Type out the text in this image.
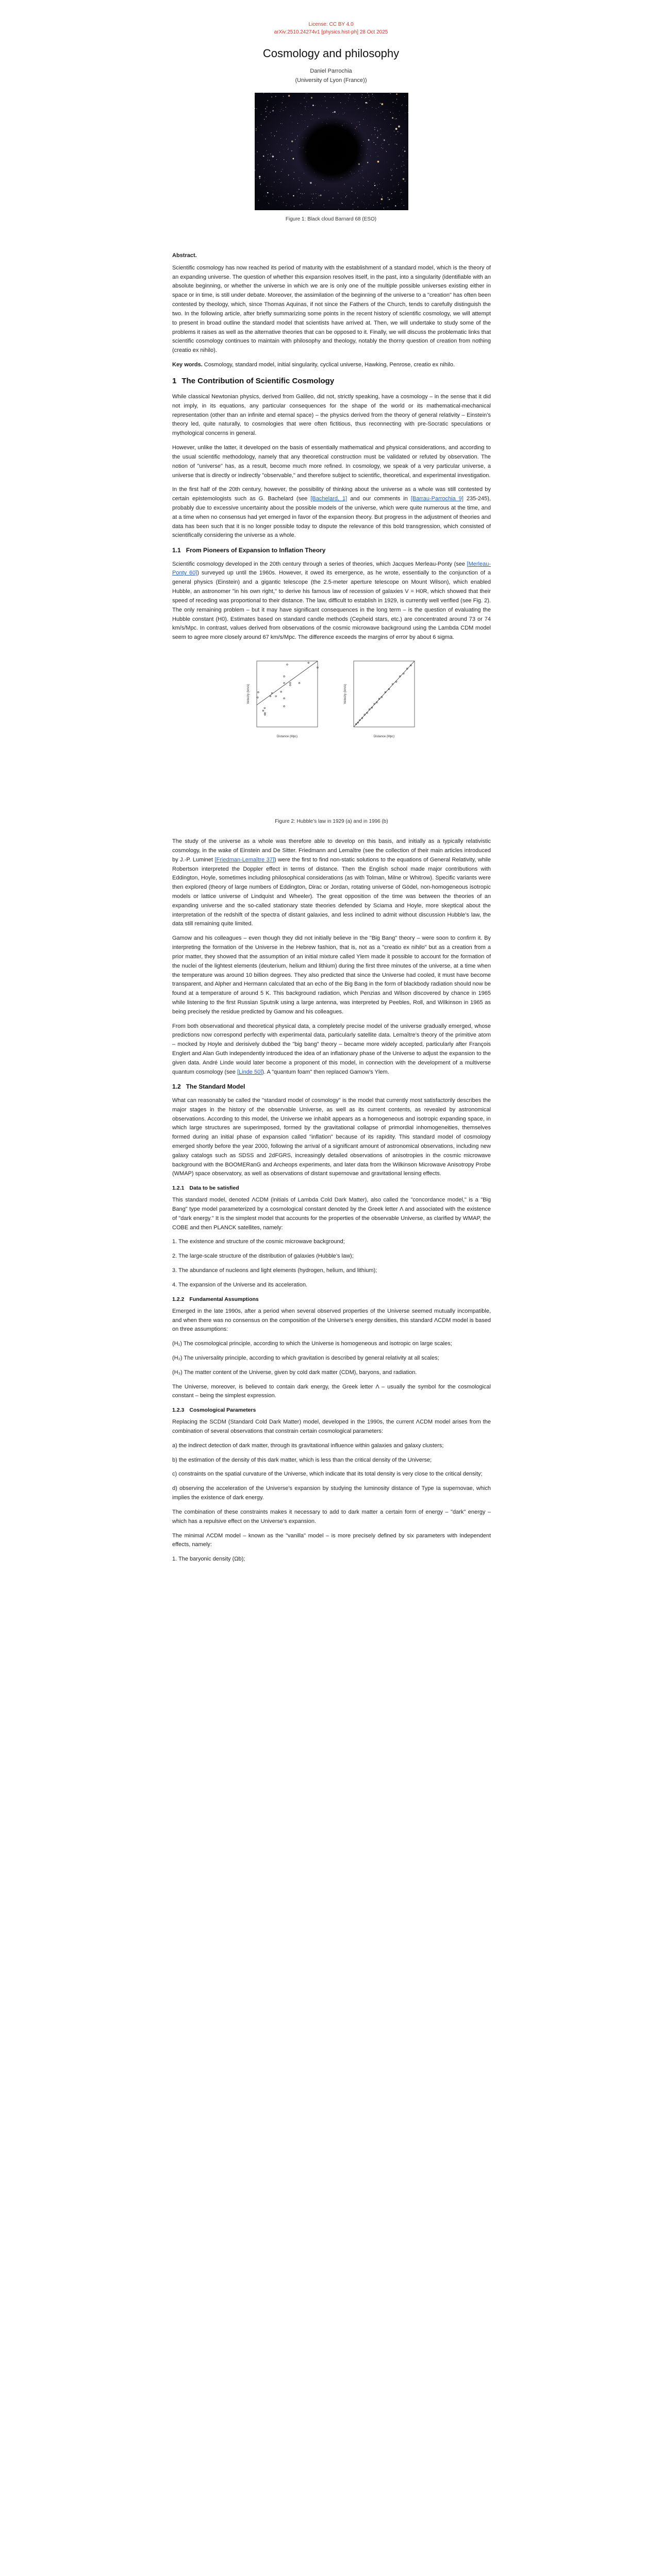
License: CC BY 4.0
arXiv:2510.24274v1 [physics.hist-ph] 28 Oct 2025
Cosmology and philosophy
Daniel Parrochia
(University of Lyon (France))
Figure 1: Black cloud Barnard 68 (ESO)

Abstract.

Scientific cosmology has now reached its period of maturity with the establishment of a standard model, which is the theory of an expanding universe. The question of whether this expansion resolves itself, in the past, into a singularity (identifiable with an absolute beginning, or whether the universe in which we are is only one of the multiple possible universes existing either in space or in time, is still under debate. Moreover, the assimilation of the beginning of the universe to a "creation" has often been contested by theology, which, since Thomas Aquinas, if not since the Fathers of the Church, tends to carefully distinguish the two. In the following article, after briefly summarizing some points in the recent history of scientific cosmology, we will attempt to present in broad outline the standard model that scientists have arrived at. Then, we will undertake to study some of the problems it raises as well as the alternative theories that can be opposed to it. Finally, we will discuss the problematic links that scientific cosmology continues to maintain with philosophy and theology, notably the thorny question of creation from nothing (creatio ex nihilo).

Key words. Cosmology, standard model, initial singularity, cyclical universe, Hawking, Penrose, creatio ex nihilo.

1 The Contribution of Scientific Cosmology

While classical Newtonian physics, derived from Galileo, did not, strictly speaking, have a cosmology – in the sense that it did not imply, in its equations, any particular consequences for the shape of the world or its mathematical-mechanical representation (other than an infinite and eternal space) – the physics derived from the theory of general relativity – Einstein’s theory led, quite naturally, to cosmologies that were often fictitious, thus reconnecting with pre-Socratic speculations or mythological concerns in general.

However, unlike the latter, it developed on the basis of essentially mathematical and physical considerations, and according to the usual scientific methodology, namely that any theoretical construction must be validated or refuted by observation. The notion of "universe" has, as a result, become much more refined. In cosmology, we speak of a very particular universe, a universe that is directly or indirectly "observable," and therefore subject to scientific, theoretical, and experimental investigation.

In the first half of the 20th century, however, the possibility of thinking about the universe as a whole was still contested by certain epistemologists such as G. Bachelard (see [Bachelard, 1] and our comments in [Barrau-Parrochia 9] 235-245), probably due to excessive uncertainty about the possible models of the universe, which were quite numerous at the time, and at a time when no consensus had yet emerged in favor of the expansion theory. But progress in the adjustment of theories and data has been such that it is no longer possible today to dispute the relevance of this bold transgression, which consisted of scientifically considering the universe as a whole.

1.1 From Pioneers of Expansion to Inflation Theory

Scientific cosmology developed in the 20th century through a series of theories, which Jacques Merleau-Ponty (see [Merleau-Ponty 60]) surveyed up until the 1960s. However, it owed its emergence, as he wrote, essentially to the conjunction of a general physics (Einstein) and a gigantic telescope (the 2.5-meter aperture telescope on Mount Wilson), which enabled Hubble, an astronomer "in his own right," to derive his famous law of recession of galaxies V = H0R, which showed that their speed of receding was proportional to their distance. The law, difficult to establish in 1929, is currently well verified (see Fig. 2). The only remaining problem – but it may have significant consequences in the long term – is the question of evaluating the Hubble constant (H0). Estimates based on standard candle methods (Cepheid stars, etc.) are concentrated around 73 or 74 km/s/Mpc. In contrast, values derived from observations of the cosmic microwave background using the Lambda CDM model seem to agree more closely around 67 km/s/Mpc. The difference exceeds the margins of error by about 6 sigma.

Distance (Mpc)
Velocity (km/s)
Distance (Mpc)
Velocity (km/s)

Figure 2: Hubble’s law in 1929 (a) and in 1996 (b)

The study of the universe as a whole was therefore able to develop on this basis, and initially as a typically relativistic cosmology, in the wake of Einstein and De Sitter. Friedmann and Lemaître (see the collection of their main articles introduced by J.-P. Luminet [Friedman-Lemaître 37]) were the first to find non-static solutions to the equations of General Relativity, while Robertson interpreted the Doppler effect in terms of distance. Then the English school made major contributions with Eddington, Hoyle, sometimes including philosophical considerations (as with Tolman, Milne or Whitrow). Specific variants were then explored (theory of large numbers of Eddington, Dirac or Jordan, rotating universe of Gödel, non-homogeneous isotropic models or lattice universe of Lindquist and Wheeler). The great opposition of the time was between the theories of an expanding universe and the so-called stationary state theories defended by Sciama and Hoyle, more skeptical about the interpretation of the redshift of the spectra of distant galaxies, and less inclined to admit without discussion Hubble’s law, the data still remaining quite limited.

Gamow and his colleagues – even though they did not initially believe in the "Big Bang" theory – were soon to confirm it. By interpreting the formation of the Universe in the Hebrew fashion, that is, not as a "creatio ex nihilo" but as a creation from a prior matter, they showed that the assumption of an initial mixture called Ylem made it possible to account for the formation of the nuclei of the lightest elements (deuterium, helium and lithium) during the first three minutes of the universe, at a time when the temperature was around 10 billion degrees. They also predicted that since the Universe had cooled, it must have become transparent, and Alpher and Hermann calculated that an echo of the Big Bang in the form of blackbody radiation should now be found at a temperature of around 5 K. This background radiation, which Penzias and Wilson discovered by chance in 1965 while listening to the first Russian Sputnik using a large antenna, was interpreted by Peebles, Roll, and Wilkinson in 1965 as being precisely the residue predicted by Gamow and his colleagues.

From both observational and theoretical physical data, a completely precise model of the universe gradually emerged, whose predictions now correspond perfectly with experimental data, particularly satellite data. Lemaître’s theory of the primitive atom – mocked by Hoyle and derisively dubbed the "big bang" theory – became more widely accepted, particularly after François Englert and Alan Guth independently introduced the idea of an inflationary phase of the Universe to adjust the expansion to the given data. André Linde would later become a proponent of this model, in connection with the development of a multiverse quantum cosmology (see [Linde 50]). A "quantum foam" then replaced Gamow’s Ylem.

1.2 The Standard Model

What can reasonably be called the "standard model of cosmology" is the model that currently most satisfactorily describes the major stages in the history of the observable Universe, as well as its current contents, as revealed by astronomical observations. According to this model, the Universe we inhabit appears as a homogeneous and isotropic expanding space, in which large structures are superimposed, formed by the gravitational collapse of primordial inhomogeneities, themselves formed during an initial phase of expansion called "inflation" because of its rapidity. This standard model of cosmology emerged shortly before the year 2000, following the arrival of a significant amount of astronomical observations, including new galaxy catalogs such as SDSS and 2dFGRS, increasingly detailed observations of anisotropies in the cosmic microwave background with the BOOMERanG and Archeops experiments, and later data from the Wilkinson Microwave Anisotropy Probe (WMAP) space observatory, as well as observations of distant supernovae and gravitational lensing effects.

1.2.1 Data to be satisfied

This standard model, denoted ΛCDM (initials of Lambda Cold Dark Matter), also called the "concordance model," is a "Big Bang" type model parameterized by a cosmological constant denoted by the Greek letter Λ and associated with the existence of "dark energy." It is the simplest model that accounts for the properties of the observable Universe, as clarified by WMAP, the COBE and then PLANCK satellites, namely:

1. The existence and structure of the cosmic microwave background;

2. The large-scale structure of the distribution of galaxies (Hubble’s law);

3. The abundance of nucleons and light elements (hydrogen, helium, and lithium);

4. The expansion of the Universe and its acceleration.

1.2.2 Fundamental Assumptions

Emerged in the late 1990s, after a period when several observed properties of the Universe seemed mutually incompatible, and when there was no consensus on the composition of the Universe’s energy densities, this standard ΛCDM model is based on three assumptions:

(H₁) The cosmological principle, according to which the Universe is homogeneous and isotropic on large scales;

(H₂) The universality principle, according to which gravitation is described by general relativity at all scales;

(H₃) The matter content of the Universe, given by cold dark matter (CDM), baryons, and radiation.

The Universe, moreover, is believed to contain dark energy, the Greek letter Λ – usually the symbol for the cosmological constant – being the simplest expression.

1.2.3 Cosmological Parameters

Replacing the SCDM (Standard Cold Dark Matter) model, developed in the 1990s, the current ΛCDM model arises from the combination of several observations that constrain certain cosmological parameters:

a) the indirect detection of dark matter, through its gravitational influence within galaxies and galaxy clusters;

b) the estimation of the density of this dark matter, which is less than the critical density of the Universe;

c) constraints on the spatial curvature of the Universe, which indicate that its total density is very close to the critical density;

d) observing the acceleration of the Universe’s expansion by studying the luminosity distance of Type Ia supernovae, which implies the existence of dark energy.

The combination of these constraints makes it necessary to add to dark matter a certain form of energy – "dark" energy – which has a repulsive effect on the Universe’s expansion.

The minimal ΛCDM model – known as the "vanilla" model – is more precisely defined by six parameters with independent effects, namely:

1. The baryonic density (Ωb);
